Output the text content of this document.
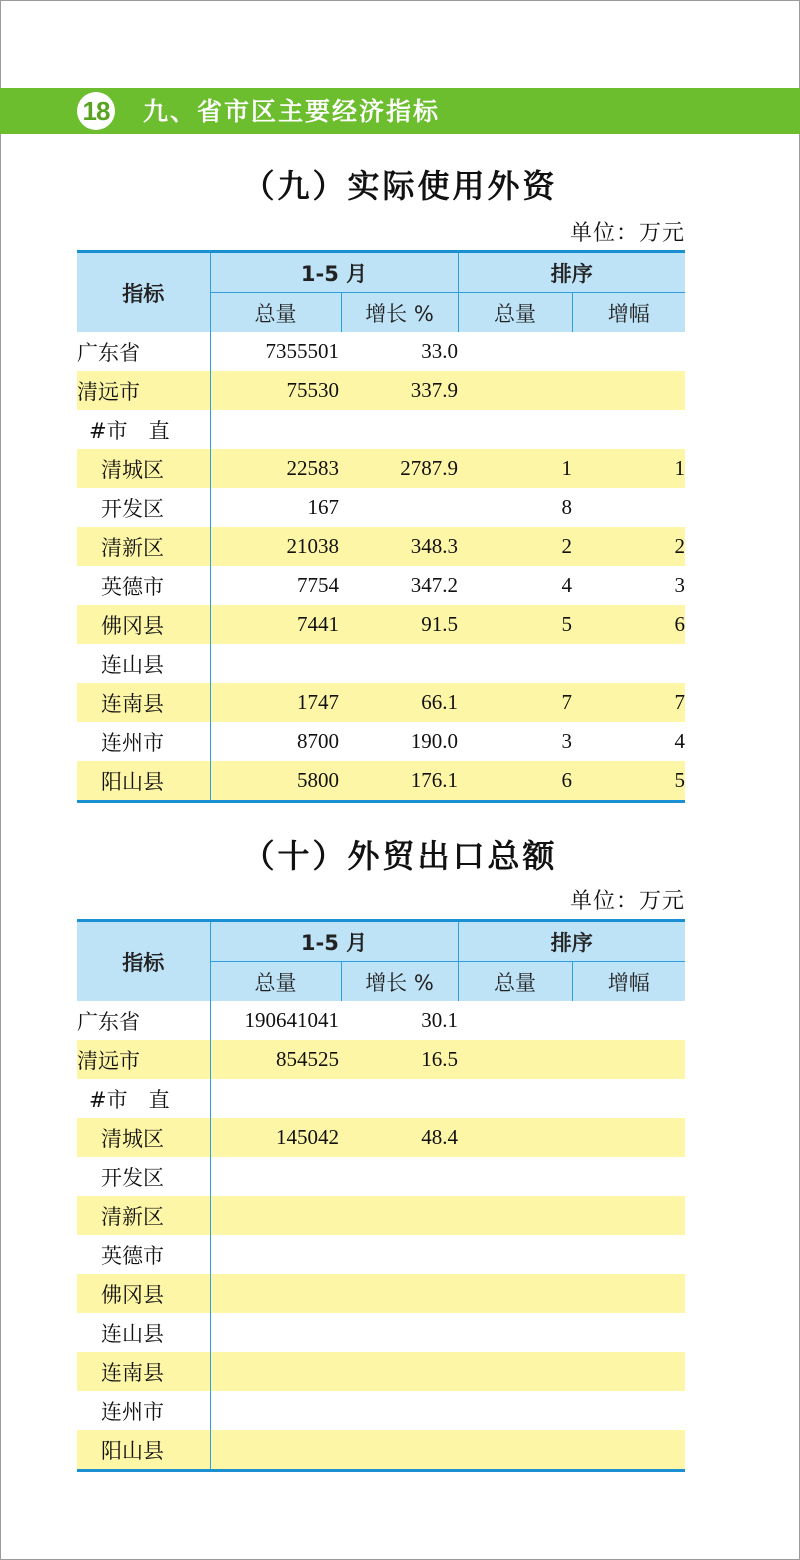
18 九、省市区主要经济指标
（九）实际使用外资
单位：万元
指标	1-5 月		排序	
	总量	增长 %	总量	增幅
广东省	7355501	33.0		
清远市	75530	337.9		
#市　直				
清城区	22583	2787.9	1	1
开发区	167		8	
清新区	21038	348.3	2	2
英德市	7754	347.2	4	3
佛冈县	7441	91.5	5	6
连山县				
连南县	1747	66.1	7	7
连州市	8700	190.0	3	4
阳山县	5800	176.1	6	5
（十）外贸出口总额
单位：万元
指标	1-5 月		排序	
	总量	增长 %	总量	增幅
广东省	190641041	30.1		
清远市	854525	16.5		
#市　直				
清城区	145042	48.4		
开发区				
清新区				
英德市				
佛冈县				
连山县				
连南县				
连州市				
阳山县				
